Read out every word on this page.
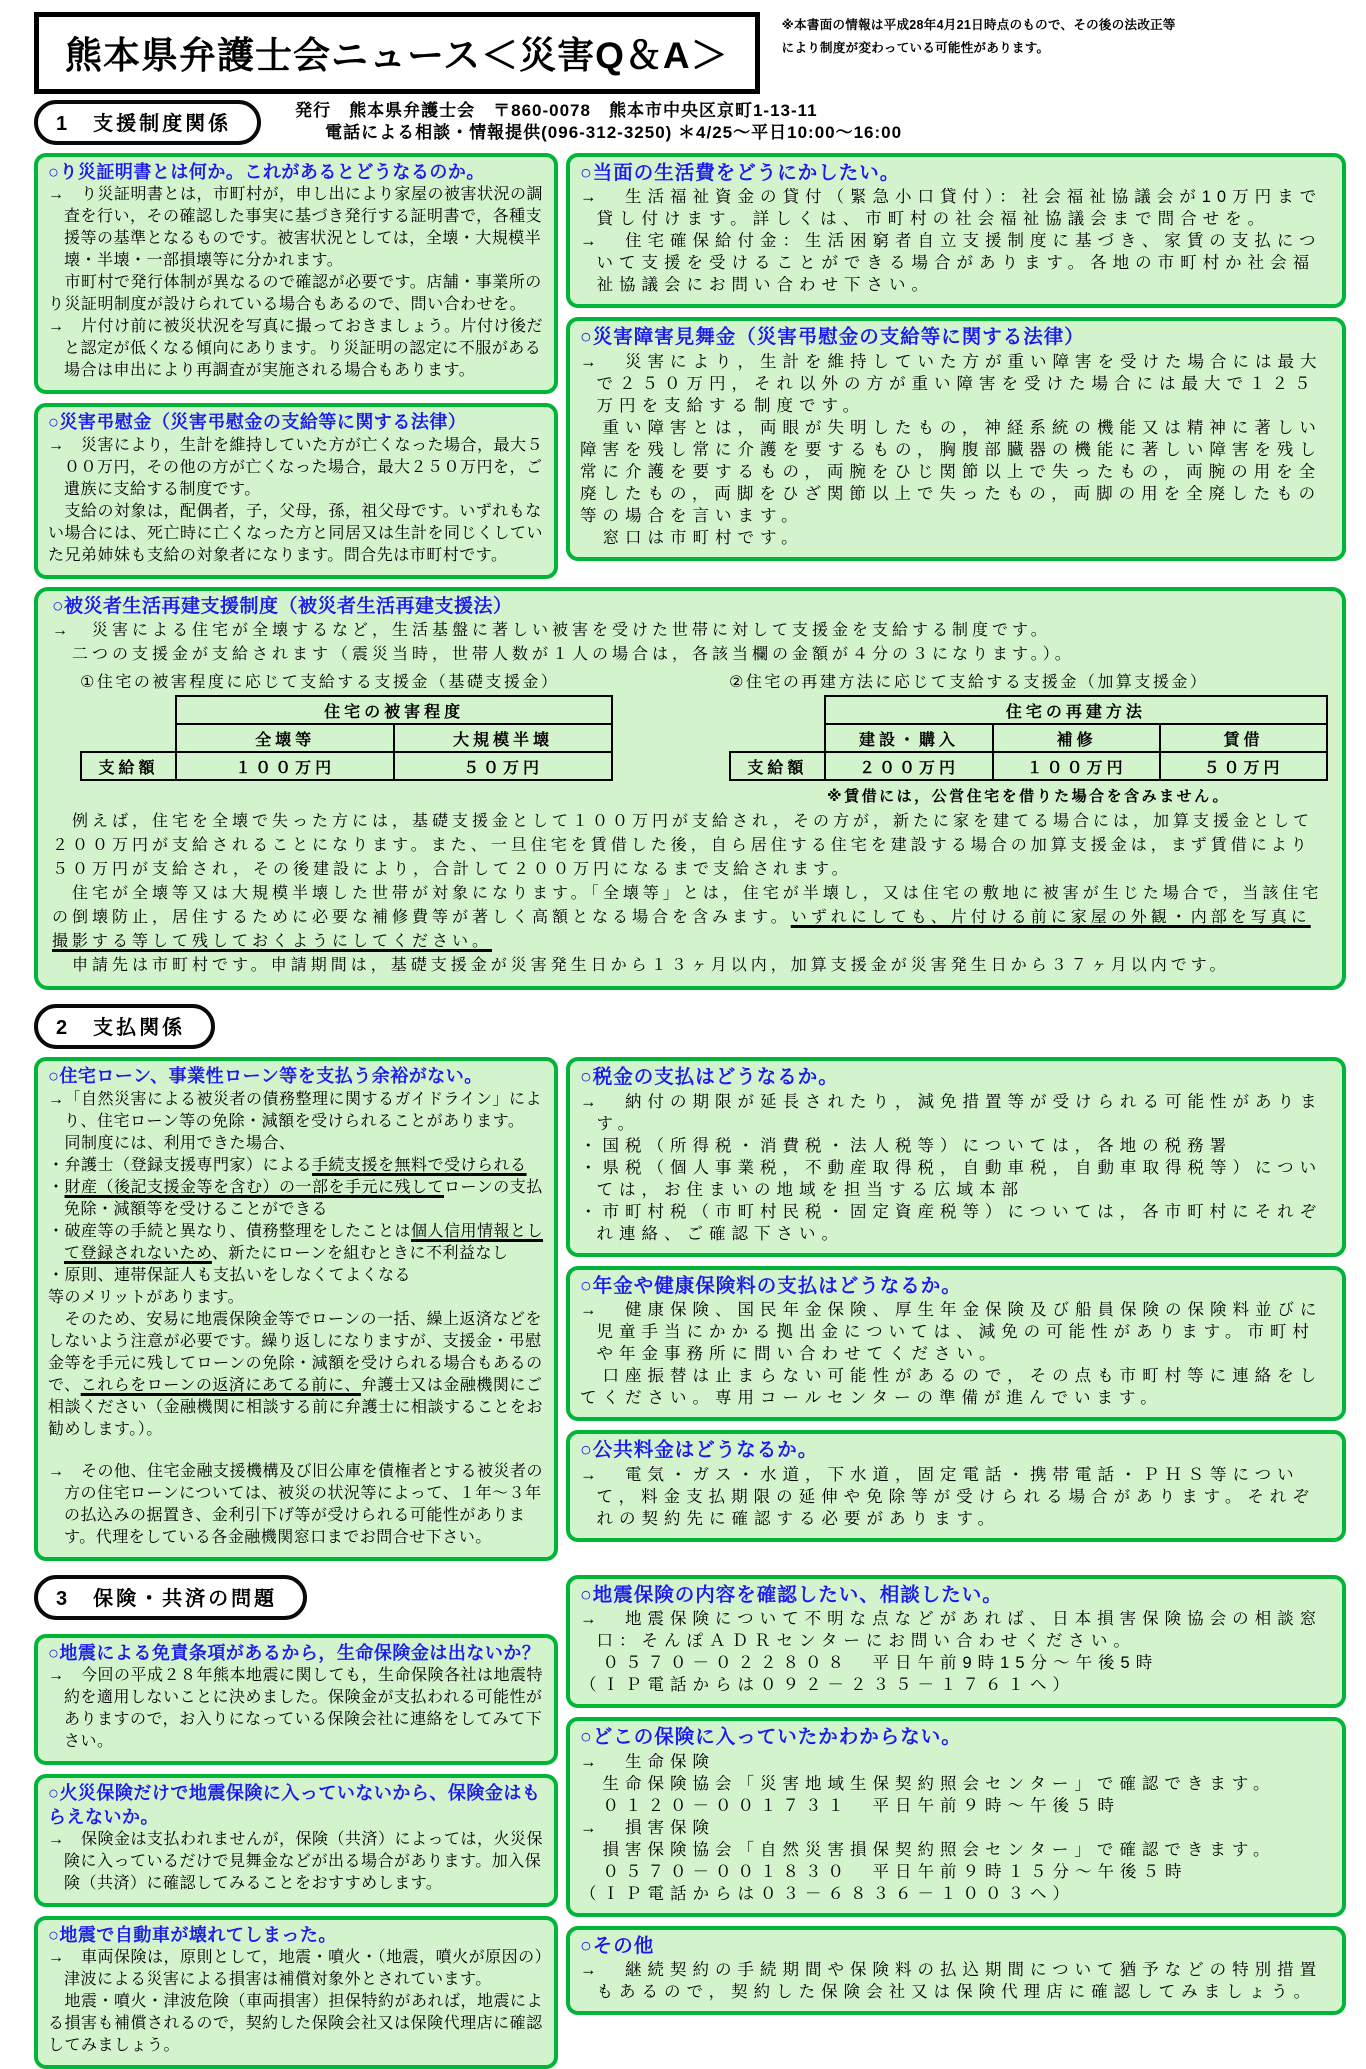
熊本県弁護士会ニュース＜災害Q＆A＞
※本書面の情報は平成28年4月21日時点のもので、その後の法改正等により制度が変わっている可能性があります。
1　支援制度関係
発行　熊本県弁護士会　〒860-0078　熊本市中央区京町1-13-11
電話による相談・情報提供(096-312-3250) ＊4/25～平日10:00～16:00
○り災証明書とは何か。これがあるとどうなるのか。
→　り災証明書とは，市町村が，申し出により家屋の被害状況の調査を行い，その確認した事実に基づき発行する証明書で，各種支援等の基準となるものです。被害状況としては，全壊・大規模半壊・半壊・一部損壊等に分かれます。
　市町村で発行体制が異なるので確認が必要です。店舗・事業所のり災証明制度が設けられている場合もあるので、問い合わせを。
→　片付け前に被災状況を写真に撮っておきましょう。片付け後だと認定が低くなる傾向にあります。り災証明の認定に不服がある場合は申出により再調査が実施される場合もあります。
○災害弔慰金（災害弔慰金の支給等に関する法律）
→　災害により，生計を維持していた方が亡くなった場合，最大５００万円，その他の方が亡くなった場合，最大２５０万円を，ご遺族に支給する制度です。
　支給の対象は，配偶者，子，父母，孫，祖父母です。いずれもない場合には、死亡時に亡くなった方と同居又は生計を同じくしていた兄弟姉妹も支給の対象者になります。問合先は市町村です。
○当面の生活費をどうにかしたい。
→　生活福祉資金の貸付（緊急小口貸付）：社会福祉協議会が10万円まで貸し付けます。詳しくは、市町村の社会福祉協議会まで問合せを。
→　住宅確保給付金：生活困窮者自立支援制度に基づき、家賃の支払について支援を受けることができる場合があります。各地の市町村か社会福祉協議会にお問い合わせ下さい。
○災害障害見舞金（災害弔慰金の支給等に関する法律）
→　災害により，生計を維持していた方が重い障害を受けた場合には最大で２５０万円，それ以外の方が重い障害を受けた場合には最大で１２５万円を支給する制度です。
　重い障害とは，両眼が失明したもの，神経系統の機能又は精神に著しい障害を残し常に介護を要するもの，胸腹部臓器の機能に著しい障害を残し常に介護を要するもの，両腕をひじ関節以上で失ったもの，両腕の用を全廃したもの，両脚をひざ関節以上で失ったもの，両脚の用を全廃したもの等の場合を言います。
　窓口は市町村です。
○被災者生活再建支援制度（被災者生活再建支援法）
→　災害による住宅が全壊するなど，生活基盤に著しい被害を受けた世帯に対して支援金を支給する制度です。
　二つの支援金が支給されます（震災当時，世帯人数が１人の場合は，各該当欄の金額が４分の３になります。）。
①住宅の被害程度に応じて支給する支援金（基礎支援金）
	住宅の被害程度	
	全壊等	大規模半壊
支給額	１００万円	５０万円
②住宅の再建方法に応じて支給する支援金（加算支援金）
	住宅の再建方法		
	建設・購入	補修	賃借
支給額	２００万円	１００万円	５０万円
※賃借には，公営住宅を借りた場合を含みません。
　例えば，住宅を全壊で失った方には，基礎支援金として１００万円が支給され，その方が，新たに家を建てる場合には，加算支援金として２００万円が支給されることになります。また、一旦住宅を賃借した後，自ら居住する住宅を建設する場合の加算支援金は，まず賃借により５０万円が支給され，その後建設により，合計して２００万円になるまで支給されます。
　住宅が全壊等又は大規模半壊した世帯が対象になります。「全壊等」とは，住宅が半壊し，又は住宅の敷地に被害が生じた場合で，当該住宅の倒壊防止，居住するために必要な補修費等が著しく高額となる場合を含みます。いずれにしても、片付ける前に家屋の外観・内部を写真に撮影する等して残しておくようにしてください。
　申請先は市町村です。申請期間は，基礎支援金が災害発生日から１３ヶ月以内，加算支援金が災害発生日から３７ヶ月以内です。
2　支払関係
○住宅ローン、事業性ローン等を支払う余裕がない。
→「自然災害による被災者の債務整理に関するガイドライン」により、住宅ローン等の免除・減額を受けられることがあります。
　同制度には、利用できた場合、
・弁護士（登録支援専門家）による手続支援を無料で受けられる
・財産（後記支援金等を含む）の一部を手元に残してローンの支払免除・減額等を受けることができる
・破産等の手続と異なり、債務整理をしたことは個人信用情報として登録されないため、新たにローンを組むときに不利益なし
・原則、連帯保証人も支払いをしなくてよくなる
等のメリットがあります。
　そのため、安易に地震保険金等でローンの一括、繰上返済などをしないよう注意が必要です。繰り返しになりますが、支援金・弔慰金等を手元に残してローンの免除・減額を受けられる場合もあるので、これらをローンの返済にあてる前に、弁護士又は金融機関にご相談ください（金融機関に相談する前に弁護士に相談することをお勧めします。）。
→　その他、住宅金融支援機構及び旧公庫を債権者とする被災者の方の住宅ローンについては、被災の状況等によって、１年～３年の払込みの据置き、金利引下げ等が受けられる可能性があります。代理をしている各金融機関窓口までお問合せ下さい。
○税金の支払はどうなるか。
→　納付の期限が延長されたり，減免措置等が受けられる可能性があります。
・国税（所得税・消費税・法人税等）については，各地の税務署
・県税（個人事業税，不動産取得税，自動車税，自動車取得税等）については，お住まいの地域を担当する広域本部
・市町村税（市町村民税・固定資産税等）については，各市町村にそれぞれ連絡、ご確認下さい。
○年金や健康保険料の支払はどうなるか。
→　健康保険、国民年金保険、厚生年金保険及び船員保険の保険料並びに児童手当にかかる拠出金については、減免の可能性があります。市町村や年金事務所に問い合わせてください。
　口座振替は止まらない可能性があるので，その点も市町村等に連絡をしてください。専用コールセンターの準備が進んでいます。
○公共料金はどうなるか。
→　電気・ガス・水道，下水道，固定電話・携帯電話・ＰＨＳ等について，料金支払期限の延伸や免除等が受けられる場合があります。それぞれの契約先に確認する必要があります。
3　保険・共済の問題
○地震による免責条項があるから，生命保険金は出ないか？
→　今回の平成２８年熊本地震に関しても，生命保険各社は地震特約を適用しないことに決めました。保険金が支払われる可能性がありますので，お入りになっている保険会社に連絡をしてみて下さい。
○火災保険だけで地震保険に入っていないから、保険金はもらえないか。
→　保険金は支払われませんが，保険（共済）によっては，火災保険に入っているだけで見舞金などが出る場合があります。加入保険（共済）に確認してみることをおすすめします。
○地震で自動車が壊れてしまった。
→　車両保険は，原則として，地震・噴火・（地震，噴火が原因の）津波による災害による損害は補償対象外とされています。
　地震・噴火・津波危険（車両損害）担保特約があれば，地震による損害も補償されるので，契約した保険会社又は保険代理店に確認してみましょう。
○地震保険の内容を確認したい、相談したい。
→　地震保険について不明な点などがあれば、日本損害保険協会の相談窓口：そんぽＡＤＲセンターにお問い合わせください。
　０５７０－０２２８０８　平日午前9時15分～午後5時
（ＩＰ電話からは０９２－２３５－１７６１へ）
○どこの保険に入っていたかわからない。
→　生命保険
　生命保険協会「災害地域生保契約照会センター」で確認できます。
　０１２０－００１７３１　平日午前９時～午後５時
→　損害保険
　損害保険協会「自然災害損保契約照会センター」で確認できます。
　０５７０－００１８３０　平日午前９時１５分～午後５時
（ＩＰ電話からは０３－６８３６－１００３へ）
○その他
→　継続契約の手続期間や保険料の払込期間について猶予などの特別措置もあるので，契約した保険会社又は保険代理店に確認してみましょう。
